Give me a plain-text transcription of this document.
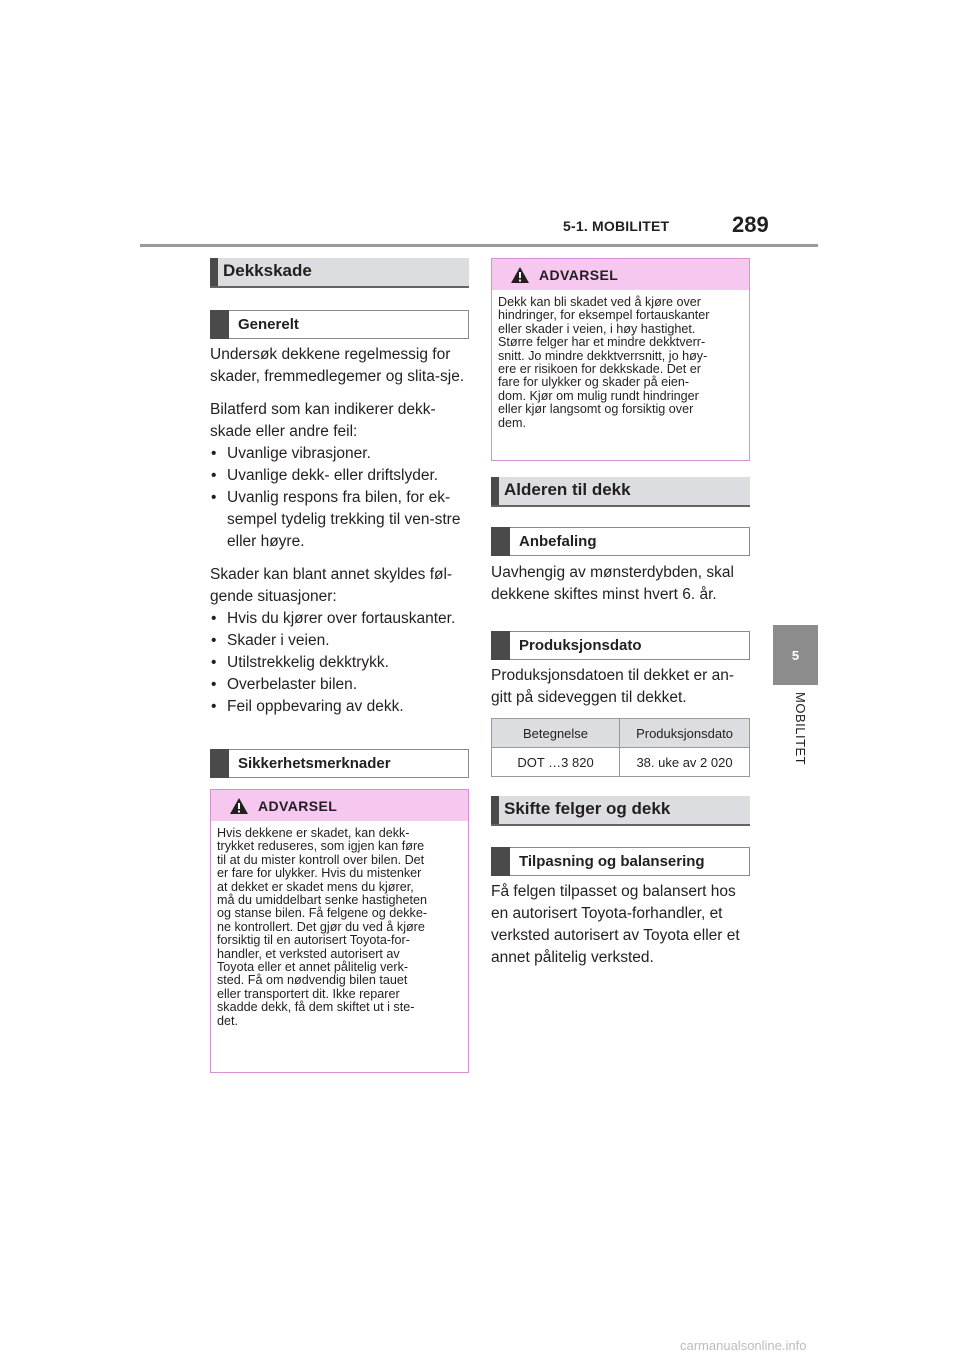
5-1. MOBILITET	289
5
MOBILITET
Dekkskade
Generelt

Undersøk dekkene regelmessig for skader, fremmedlegemer og slita-sje.

Bilatferd som kan indikerer dekk-skade eller andre feil:

• Uvanlige vibrasjoner.
• Uvanlige dekk- eller driftslyder.
• Uvanlig respons fra bilen, for ek-sempel tydelig trekking til ven-stre eller høyre.

Skader kan blant annet skyldes føl-gende situasjoner:

• Hvis du kjører over fortauskanter.
• Skader i veien.
• Utilstrekkelig dekktrykk.
• Overbelaster bilen.
• Feil oppbevaring av dekk.
Sikkerhetsmerknader
ADVARSEL
Hvis dekkene er skadet, kan dekk-
trykket reduseres, som igjen kan føre
til at du mister kontroll over bilen. Det
er fare for ulykker. Hvis du mistenker
at dekket er skadet mens du kjører,
må du umiddelbart senke hastigheten
og stanse bilen. Få felgene og dekke-
ne kontrollert. Det gjør du ved å kjøre
forsiktig til en autorisert Toyota-for-
handler, et verksted autorisert av
Toyota eller et annet pålitelig verk-
sted. Få om nødvendig bilen tauet
eller transportert dit. Ikke reparer
skadde dekk, få dem skiftet ut i ste-
det.
ADVARSEL
Dekk kan bli skadet ved å kjøre over
hindringer, for eksempel fortauskanter
eller skader i veien, i høy hastighet.
Større felger har et mindre dekktverr-
snitt. Jo mindre dekktverrsnitt, jo høy-
ere er risikoen for dekkskade. Det er
fare for ulykker og skader på eien-
dom. Kjør om mulig rundt hindringer
eller kjør langsomt og forsiktig over
dem.
Alderen til dekk
Anbefaling

Uavhengig av mønsterdybden, skal dekkene skiftes minst hvert 6. år.

Produksjonsdato

Produksjonsdatoen til dekket er an-gitt på sideveggen til dekket.

Betegnelse	Produksjonsdato
DOT …3 820	38. uke av 2 020
Skifte felger og dekk
Tilpasning og balansering

Få felgen tilpasset og balansert hos en autorisert Toyota-forhandler, et verksted autorisert av Toyota eller et annet pålitelig verksted.

carmanualsonline.info
